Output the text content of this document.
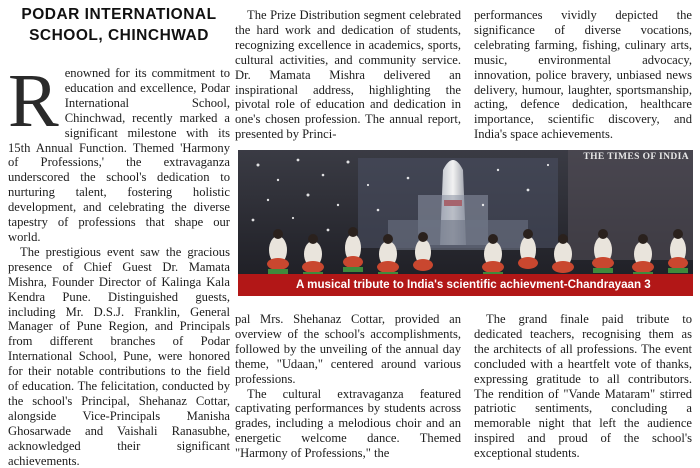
PODAR INTERNATIONAL
SCHOOL, CHINCHWAD

Renowned for its commitment to education and excellence, Podar International School, Chinchwad, recently marked a significant milestone with its 15th Annual Function. Themed 'Harmony of Professions,' the extravaganza underscored the school's dedication to nurturing talent, fostering holistic development, and celebrating the diverse tapestry of professions that shape our world.

The prestigious event saw the gracious presence of Chief Guest Dr. Mamata Mishra, Founder Director of Kalinga Kala Kendra Pune. Distinguished guests, including Mr. D.S.J. Franklin, General Manager of Pune Region, and Principals from different branches of Podar International School, Pune, were honored for their notable contributions to the field of education. The felicitation, conducted by the school's Principal, Shehanaz Cottar, alongside Vice-Principals Manisha Ghosarwade and Vaishali Ranasubhe, acknowledged their significant achievements.

The Prize Distribution segment celebrated the hard work and dedication of students, recognizing excellence in academics, sports, cultural activities, and community service. Dr. Mamata Mishra delivered an inspirational address, highlighting the pivotal role of education and dedication in one's chosen profession. The annual report, presented by Princi-

performances vividly depicted the significance of diverse vocations, celebrating farming, fishing, culinary arts, music, environmental advocacy, innovation, police bravery, unbiased news delivery, humour, laughter, sportsmanship, acting, defence dedication, healthcare importance, scientific discovery, and India's space achievements.

THE TIMES OF INDIA
A musical tribute to India's scientific achievment-Chandrayaan 3

pal Mrs. Shehanaz Cottar, provided an overview of the school's accomplishments, followed by the unveiling of the annual day theme, "Udaan," centered around various professions.

The cultural extravaganza featured captivating performances by students across grades, including a melodious choir and an energetic welcome dance. Themed "Harmony of Professions," the

The grand finale paid tribute to dedicated teachers, recognising them as the architects of all professions. The event concluded with a heartfelt vote of thanks, expressing gratitude to all contributors. The rendition of "Vande Mataram" stirred patriotic sentiments, concluding a memorable night that left the audience inspired and proud of the school's exceptional students.
